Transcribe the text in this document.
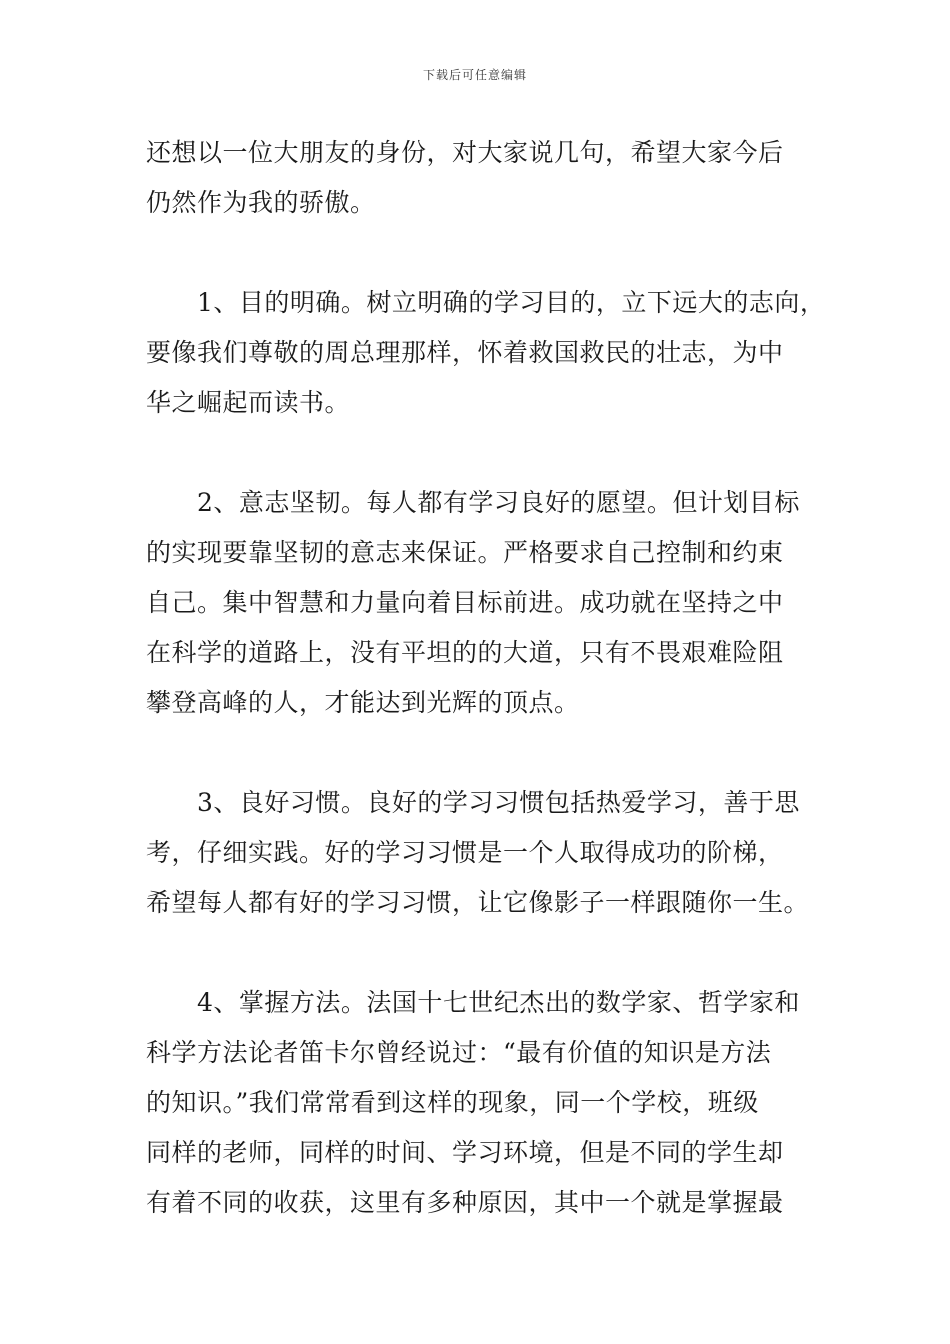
下载后可任意编辑
还想以一位大朋友的身份，对大家说几句，希望大家今后
仍然作为我的骄傲。
　　1、目的明确。树立明确的学习目的，立下远大的志向，
要像我们尊敬的周总理那样，怀着救国救民的壮志，为中
华之崛起而读书。
　　2、意志坚韧。每人都有学习良好的愿望。但计划目标
的实现要靠坚韧的意志来保证。严格要求自己控制和约束
自己。集中智慧和力量向着目标前进。成功就在坚持之中
在科学的道路上，没有平坦的的大道，只有不畏艰难险阻
攀登高峰的人，才能达到光辉的顶点。
　　3、良好习惯。良好的学习习惯包括热爱学习，善于思
考，仔细实践。好的学习习惯是一个人取得成功的阶梯，
希望每人都有好的学习习惯，让它像影子一样跟随你一生。
　　4、掌握方法。法国十七世纪杰出的数学家、哲学家和
科学方法论者笛卡尔曾经说过：“最有价值的知识是方法
的知识。”我们常常看到这样的现象，同一个学校，班级
同样的老师，同样的时间、学习环境，但是不同的学生却
有着不同的收获，这里有多种原因，其中一个就是掌握最
